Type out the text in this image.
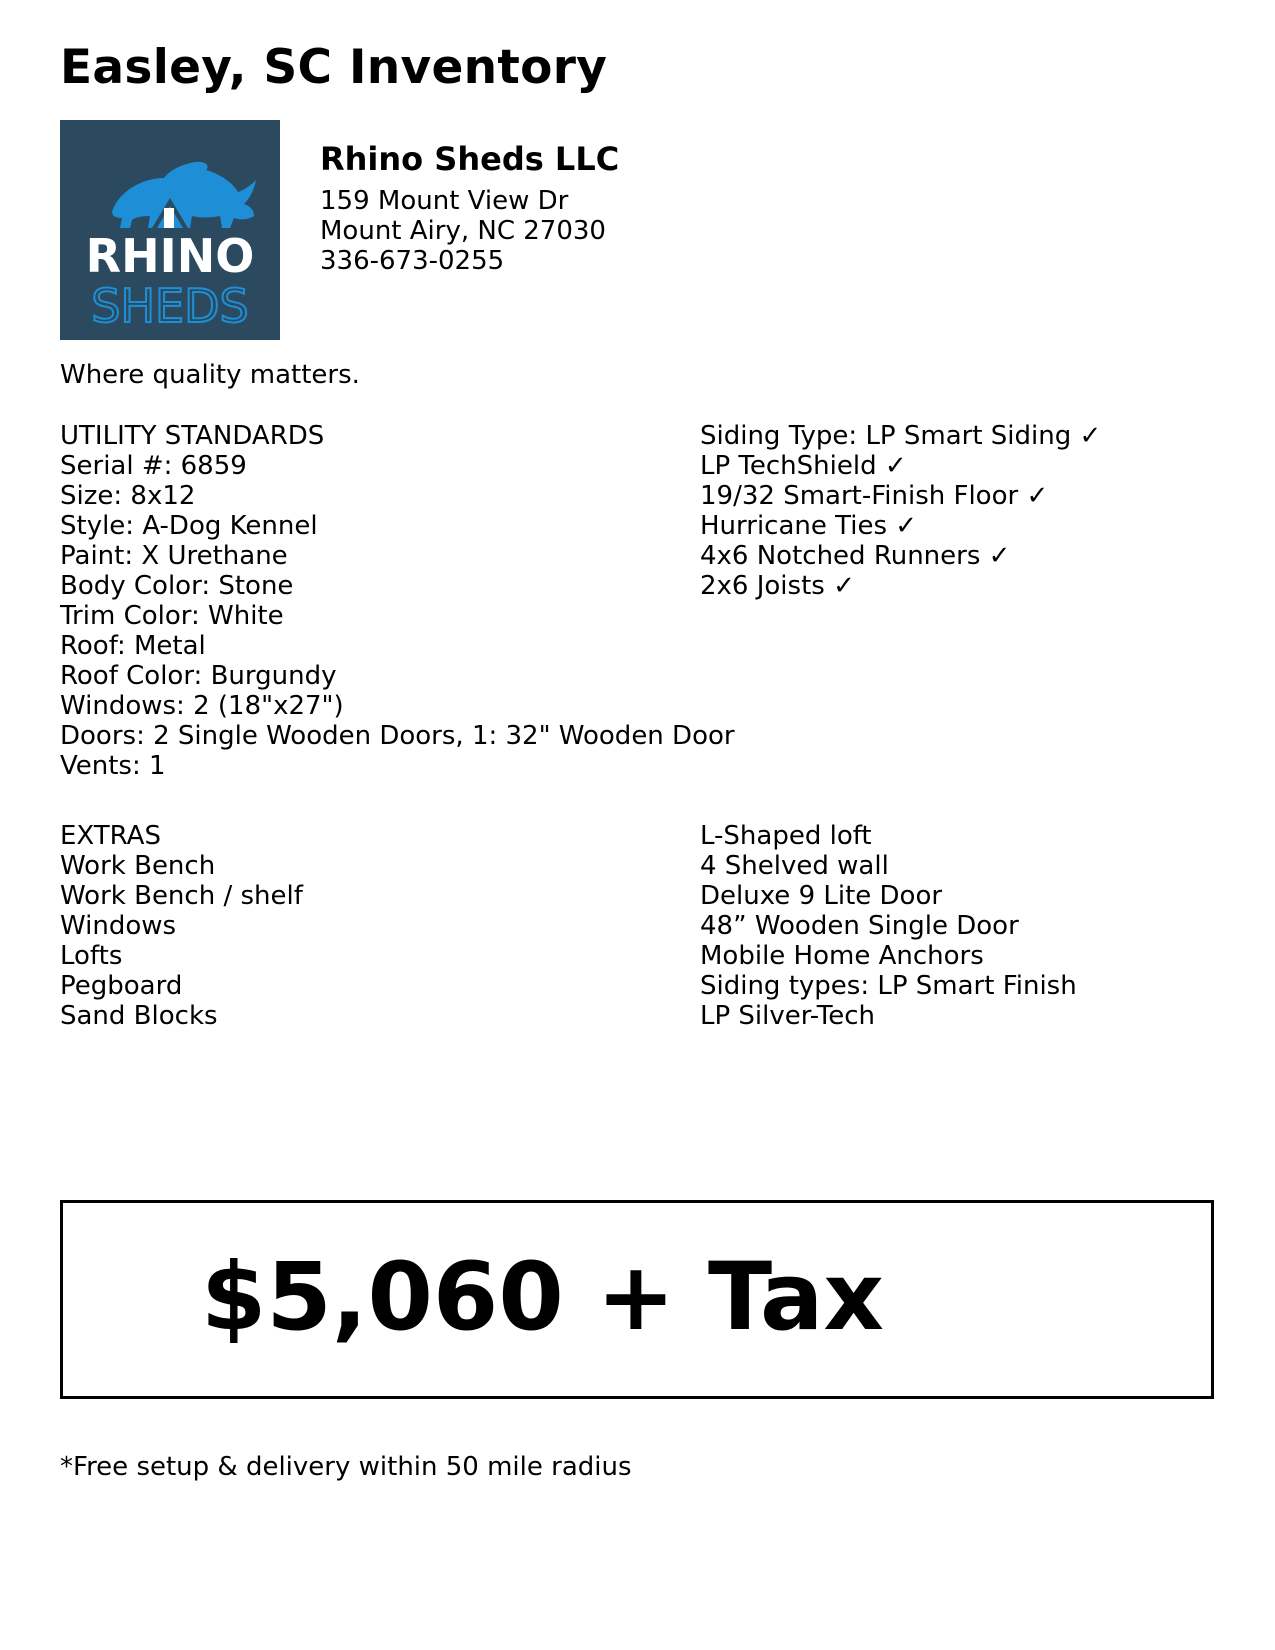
Easley, SC Inventory
RHINO
SHEDS
Rhino Sheds LLC
159 Mount View Dr
Mount Airy, NC 27030
336-673-0255
Where quality matters.
UTILITY STANDARDS
Serial #: 6859
Size: 8x12
Style: A-Dog Kennel
Paint: X Urethane
Body Color: Stone
Trim Color: White
Roof: Metal
Roof Color: Burgundy
Windows: 2 (18"x27")
Doors: 2 Single Wooden Doors, 1: 32" Wooden Door
Vents: 1
Siding Type: LP Smart Siding ✓
LP TechShield ✓
19/32 Smart-Finish Floor ✓
Hurricane Ties ✓
4x6 Notched Runners ✓
2x6 Joists ✓
EXTRAS
Work Bench
Work Bench / shelf
Windows
Lofts
Pegboard
Sand Blocks
L-Shaped loft
4 Shelved wall
Deluxe 9 Lite Door
48” Wooden Single Door
Mobile Home Anchors
Siding types: LP Smart Finish
LP Silver-Tech
$5,060 + Tax
*Free setup & delivery within 50 mile radius
